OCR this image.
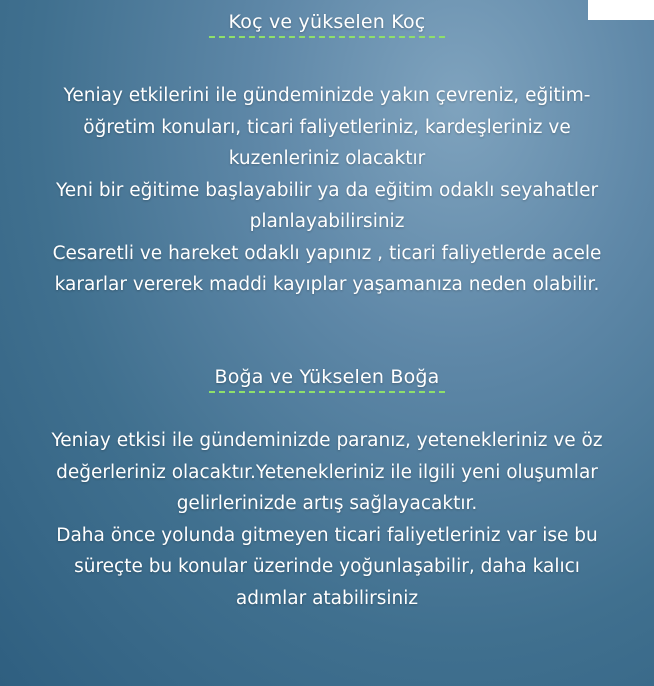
Koç ve yükselen Koç
Yeniay etkilerini ile gündeminizde yakın çevreniz, eğitim-
öğretim konuları, ticari faliyetleriniz, kardeşleriniz ve
kuzenleriniz olacaktır
Yeni bir eğitime başlayabilir ya da eğitim odaklı seyahatler
planlayabilirsiniz
Cesaretli ve hareket odaklı yapınız , ticari faliyetlerde acele
kararlar vererek maddi kayıplar yaşamanıza neden olabilir.
Boğa ve Yükselen Boğa
Yeniay etkisi ile gündeminizde paranız, yetenekleriniz ve öz
değerleriniz olacaktır.Yetenekleriniz ile ilgili yeni oluşumlar
gelirlerinizde artış sağlayacaktır.
Daha önce yolunda gitmeyen ticari faliyetleriniz var ise bu
süreçte bu konular üzerinde yoğunlaşabilir, daha kalıcı
adımlar atabilirsiniz
